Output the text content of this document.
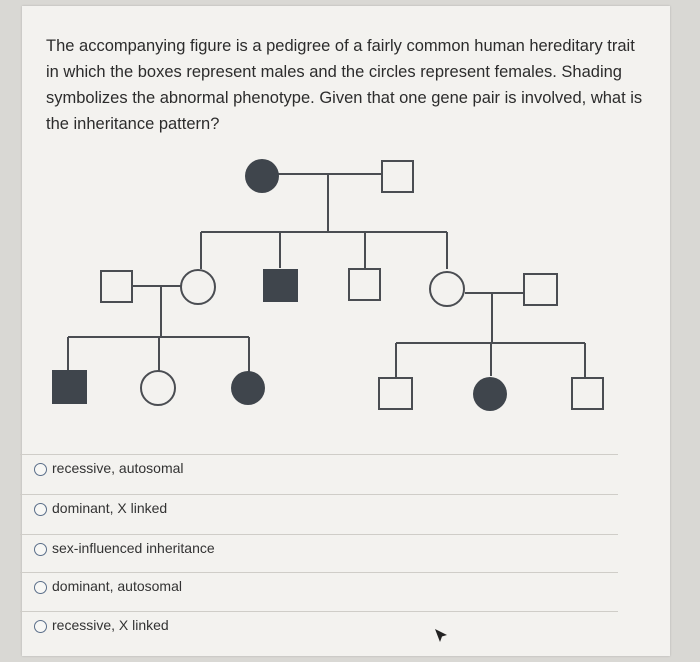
The accompanying figure is a pedigree of a fairly common human hereditary trait in which the boxes represent males and the circles represent females. Shading symbolizes the abnormal phenotype. Given that one gene pair is involved, what is the inheritance pattern?

recessive, autosomal
dominant, X linked
sex-influenced inheritance
dominant, autosomal
recessive, X linked
